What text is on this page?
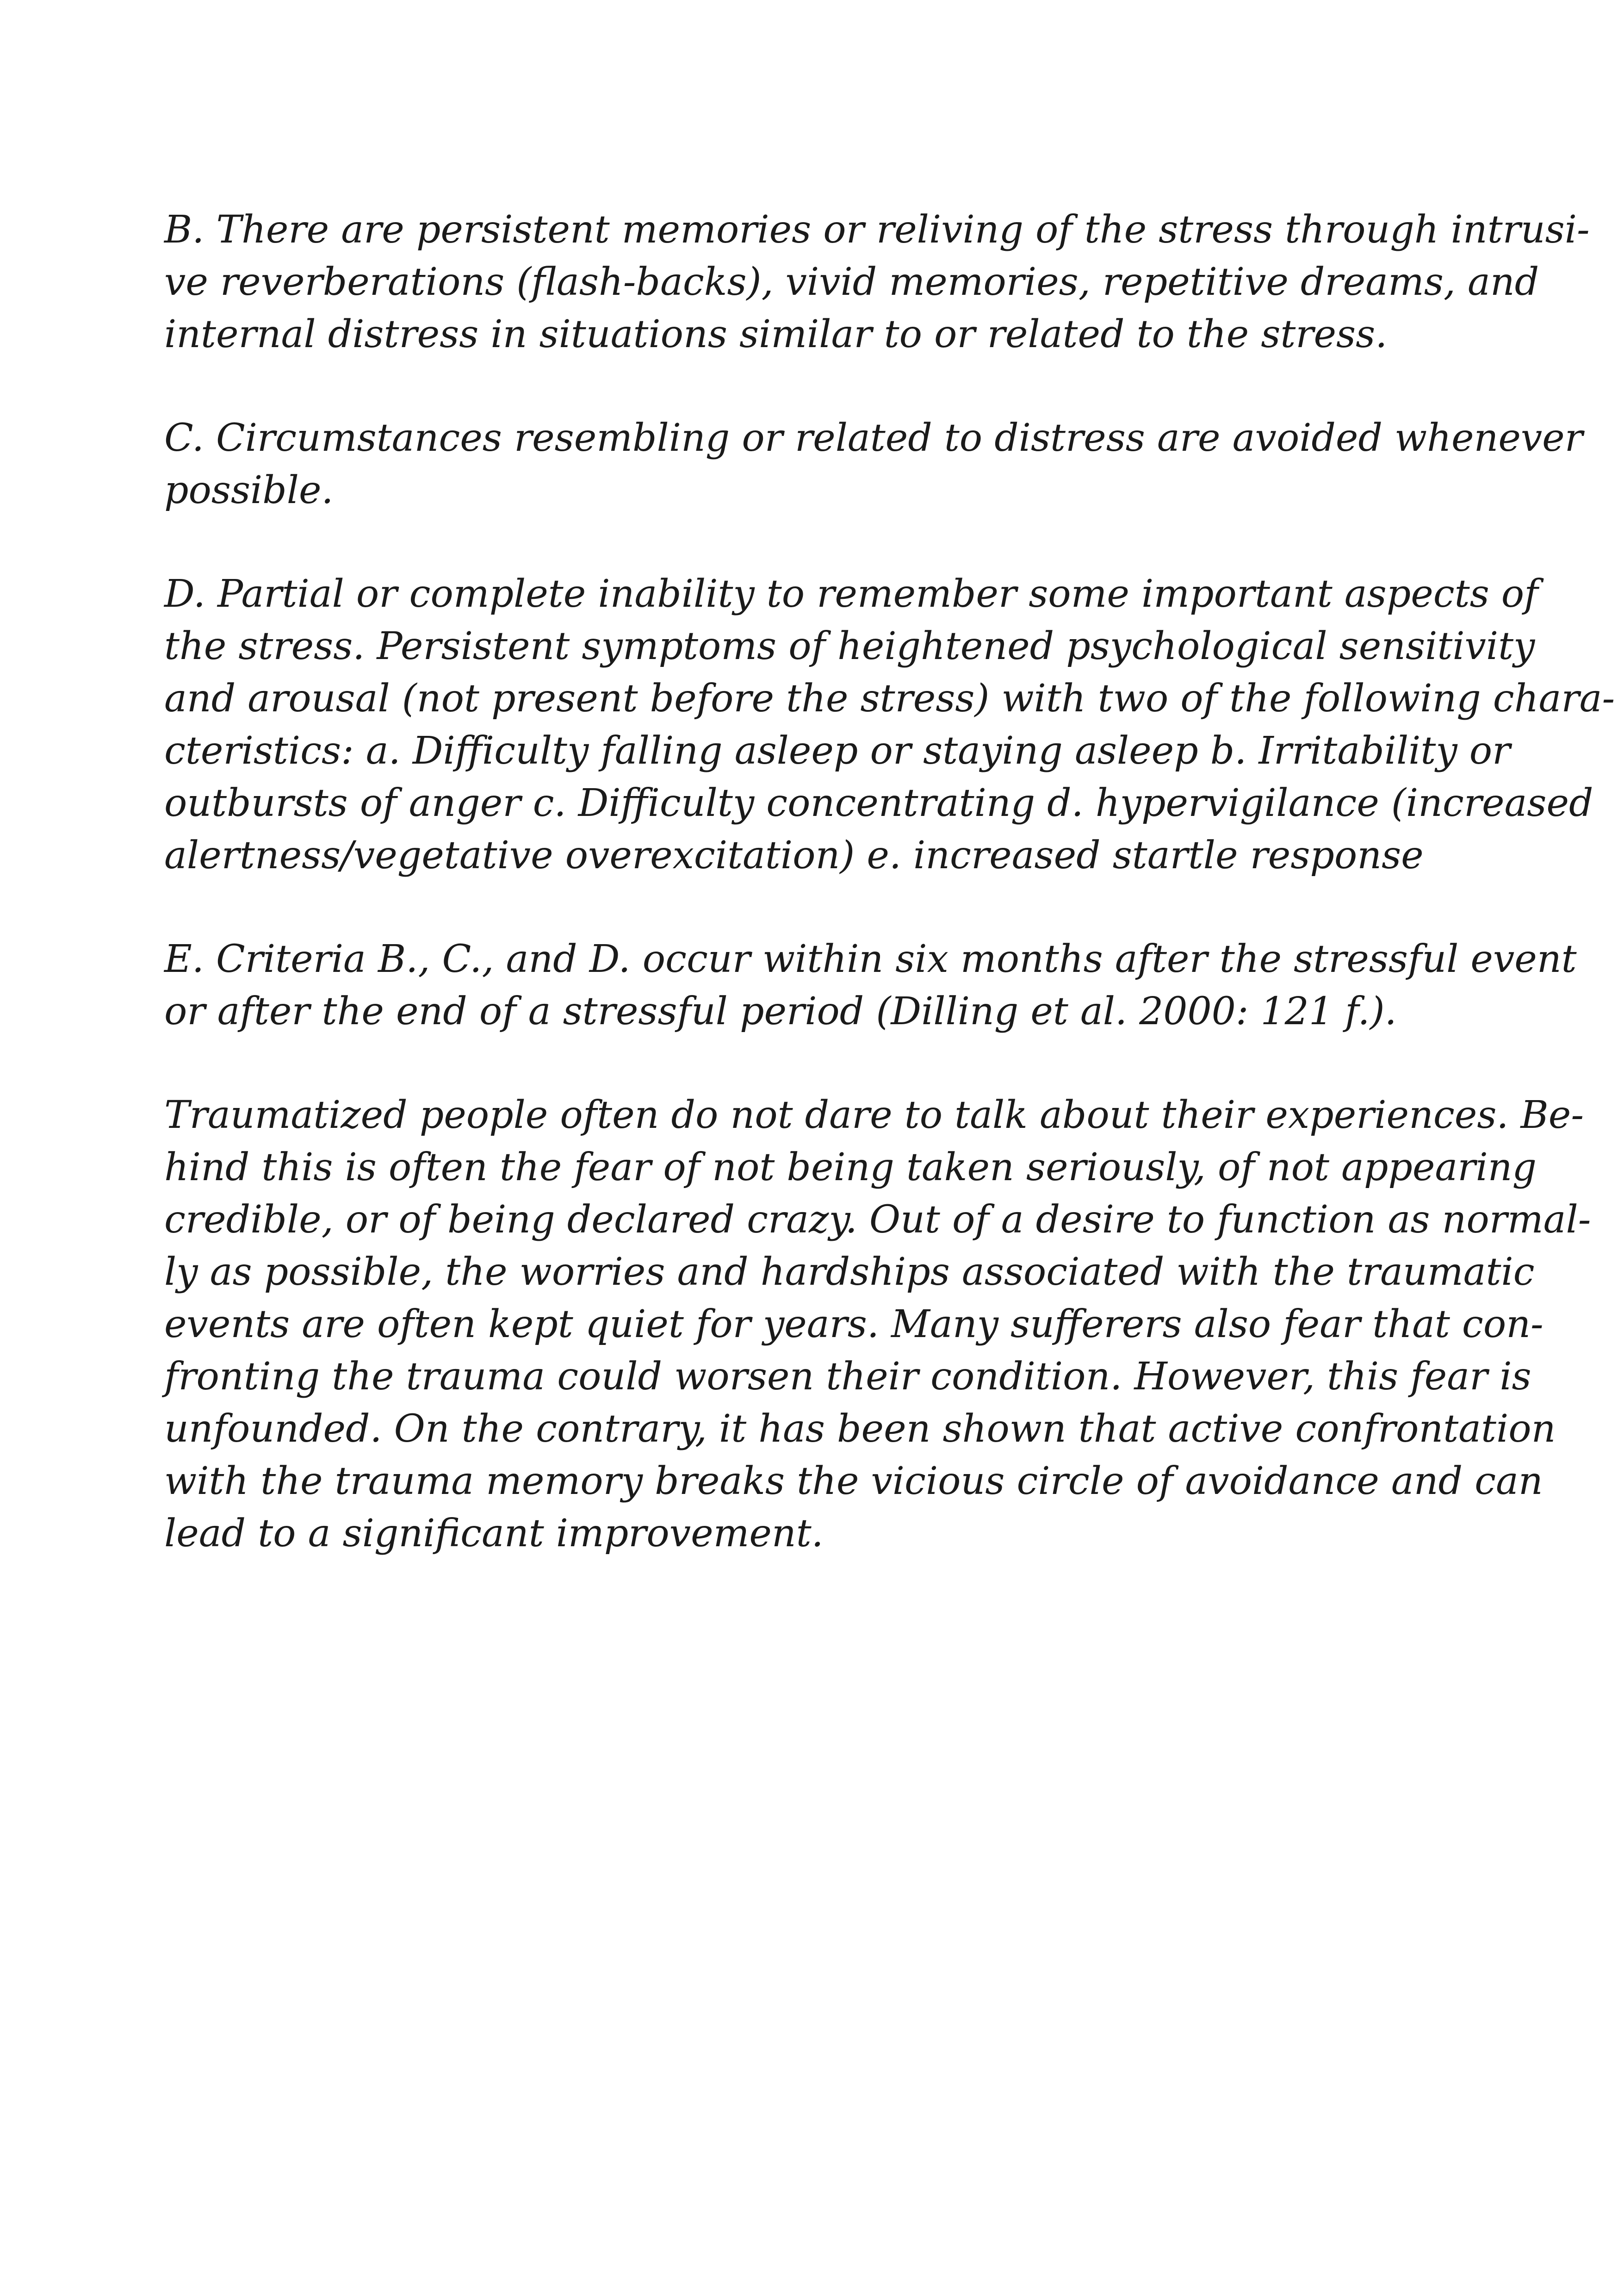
B. There are persistent memories or reliving of the stress through intrusi-
ve reverberations (flash-backs), vivid memories, repetitive dreams, and
internal distress in situations similar to or related to the stress.

C. Circumstances resembling or related to distress are avoided whenever
possible.

D. Partial or complete inability to remember some important aspects of
the stress. Persistent symptoms of heightened psychological sensitivity
and arousal (not present before the stress) with two of the following chara-
cteristics: a. Difficulty falling asleep or staying asleep b. Irritability or
outbursts of anger c. Difficulty concentrating d. hypervigilance (increased
alertness/vegetative overexcitation) e. increased startle response

E. Criteria B., C., and D. occur within six months after the stressful event
or after the end of a stressful period (Dilling et al. 2000: 121 f.).

Traumatized people often do not dare to talk about their experiences. Be-
hind this is often the fear of not being taken seriously, of not appearing
credible, or of being declared crazy. Out of a desire to function as normal-
ly as possible, the worries and hardships associated with the traumatic
events are often kept quiet for years. Many sufferers also fear that con-
fronting the trauma could worsen their condition. However, this fear is
unfounded. On the contrary, it has been shown that active confrontation
with the trauma memory breaks the vicious circle of avoidance and can
lead to a significant improvement.
